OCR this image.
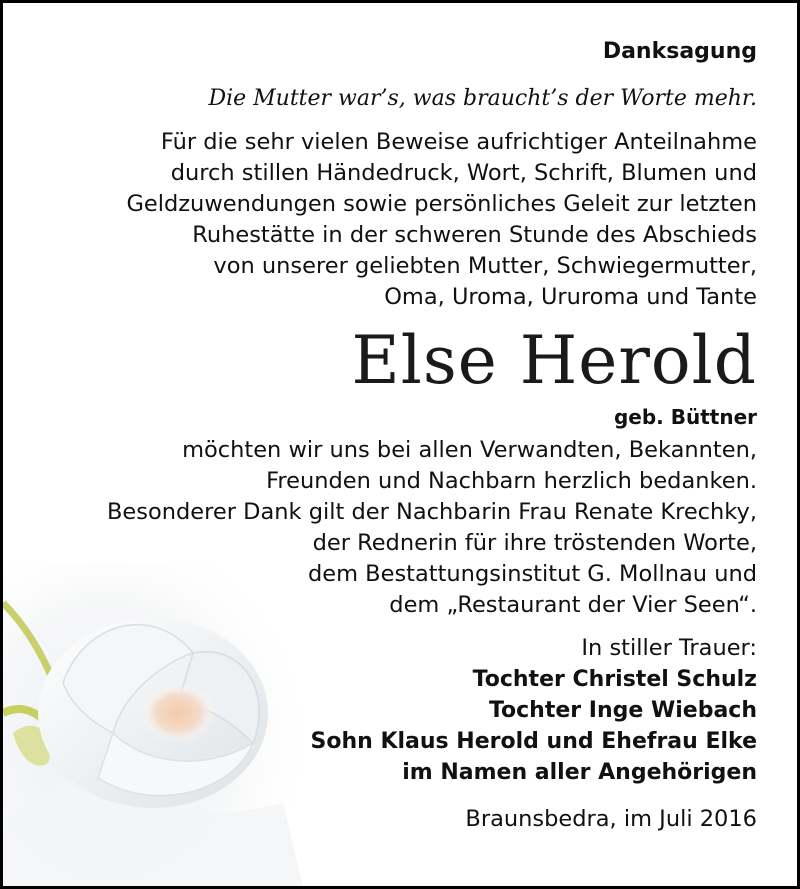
Danksagung
Die Mutter war’s, was braucht’s der Worte mehr.
Für die sehr vielen Beweise aufrichtiger Anteilnahme
durch stillen Händedruck, Wort, Schrift, Blumen und
Geldzuwendungen sowie persönliches Geleit zur letzten
Ruhestätte in der schweren Stunde des Abschieds
von unserer geliebten Mutter, Schwiegermutter,
Oma, Uroma, Ururoma und Tante
Else Herold
geb. Büttner
möchten wir uns bei allen Verwandten, Bekannten,
Freunden und Nachbarn herzlich bedanken.
Besonderer Dank gilt der Nachbarin Frau Renate Krechky,
der Rednerin für ihre tröstenden Worte,
dem Bestattungsinstitut G. Mollnau und
dem „Restaurant der Vier Seen“.
In stiller Trauer:
Tochter Christel Schulz
Tochter Inge Wiebach
Sohn Klaus Herold und Ehefrau Elke
im Namen aller Angehörigen
Braunsbedra, im Juli 2016
